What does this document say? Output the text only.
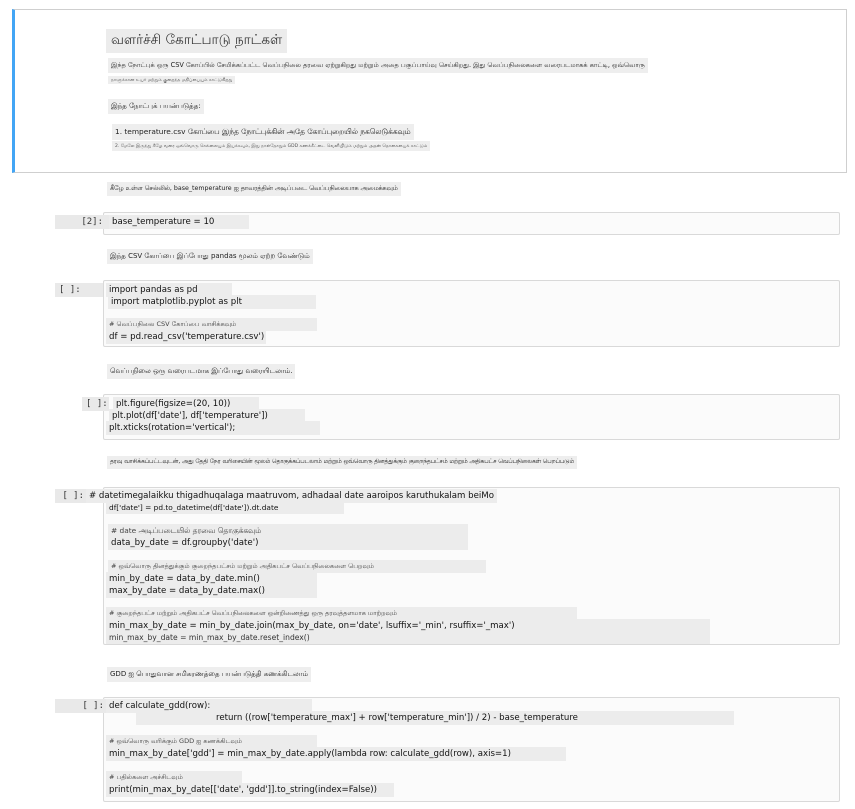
வளர்ச்சி கோட்பாடு நாட்கள்
இந்த நோட்புக் ஒரு CSV கோப்பில் சேமிக்கப்பட்ட வெப்பநிலை தரவை ஏற்றுகிறது மற்றும் அதை பகுப்பாய்வு செய்கிறது. இது வெப்பநிலைகளை வரைபடமாகக் காட்டி, ஒவ்வொரு
நாளுக்கான உயர் மற்றும் குறைந்த மதிப்பையும் காட்டுகிறது
இந்த நோட்புக் பயன்படுத்த:
1. temperature.csv கோப்பை இந்த நோட்புக்கின் அதே கோப்புறையில் நகலெடுக்கவும்
2. மேலே இருந்து கீழே வரை ஒவ்வொரு செல்லையும் இயக்கவும், இது நாள்தோறும் GDD கணக்கீட்டை வெளியிடும் மற்றும் அதன் தொகையைக் காட்டும்
கீழே உள்ள செல்லில், base_temperature ஐ தாவரத்தின் அடிப்படை வெப்பநிலையாக அமைக்கவும்
[2]:	base_temperature = 10
இந்த CSV கோப்பை இப்போது pandas மூலம் ஏற்ற வேண்டும்
[ ]:	import pandas as pd
import matplotlib.pyplot as plt
# வெப்பநிலை CSV கோப்பை வாசிக்கவும்
df = pd.read_csv('temperature.csv')
வெப்பநிலை ஒரு வரைபடமாக இப்போது வரையிடலாம்.
[ ]: plt.figure(figsize=(20, 10))
plt.plot(df['date'], df['temperature'])
plt.xticks(rotation='vertical');
தரவு வாசிக்கப்பட்டவுடன், அது தேதி நேர வரிசையின் மூலம் தொகுக்கப்படலாம் மற்றும் ஒவ்வொரு தினத்துக்கும் குறைந்தபட்சம் மற்றும் அதிகபட்ச வெப்பநிலைகள் பெறப்படும்
[ ]: # datetimegalaikku thigadhuqalaga maatruvom, adhadaal date aaroipos karuthukalam beiMo
df['date'] = pd.to_datetime(df['date']).dt.date
# date அடிப்படையில் தரவை தொகுக்கவும்
data_by_date = df.groupby('date')
# ஒவ்வொரு தினத்துக்கும் குறைந்தபட்சம் மற்றும் அதிகபட்ச வெப்பநிலைகளை பெறவும்
min_by_date = data_by_date.min()
max_by_date = data_by_date.max()
# குறைந்தபட்ச மற்றும் அதிகபட்ச வெப்பநிலைகளை ஒன்றிணைத்து ஒரு தரவுத்தளமாக மாற்றவும்
min_max_by_date = min_by_date.join(max_by_date, on='date', lsuffix='_min', rsuffix='_max')
min_max_by_date = min_max_by_date.reset_index()
GDD ஐ பொதுவான சமிகரணத்தை பயன்படுத்தி கணக்கிடலாம்
[ ]: def calculate_gdd(row):
return ((row['temperature_max'] + row['temperature_min']) / 2) - base_temperature
# ஒவ்வொரு வரிக்கும் GDD ஐ கணக்கிடவும்
min_max_by_date['gdd'] = min_max_by_date.apply(lambda row: calculate_gdd(row), axis=1)
# பதில்களை அச்சிடவும்
print(min_max_by_date[['date', 'gdd']].to_string(index=False))
